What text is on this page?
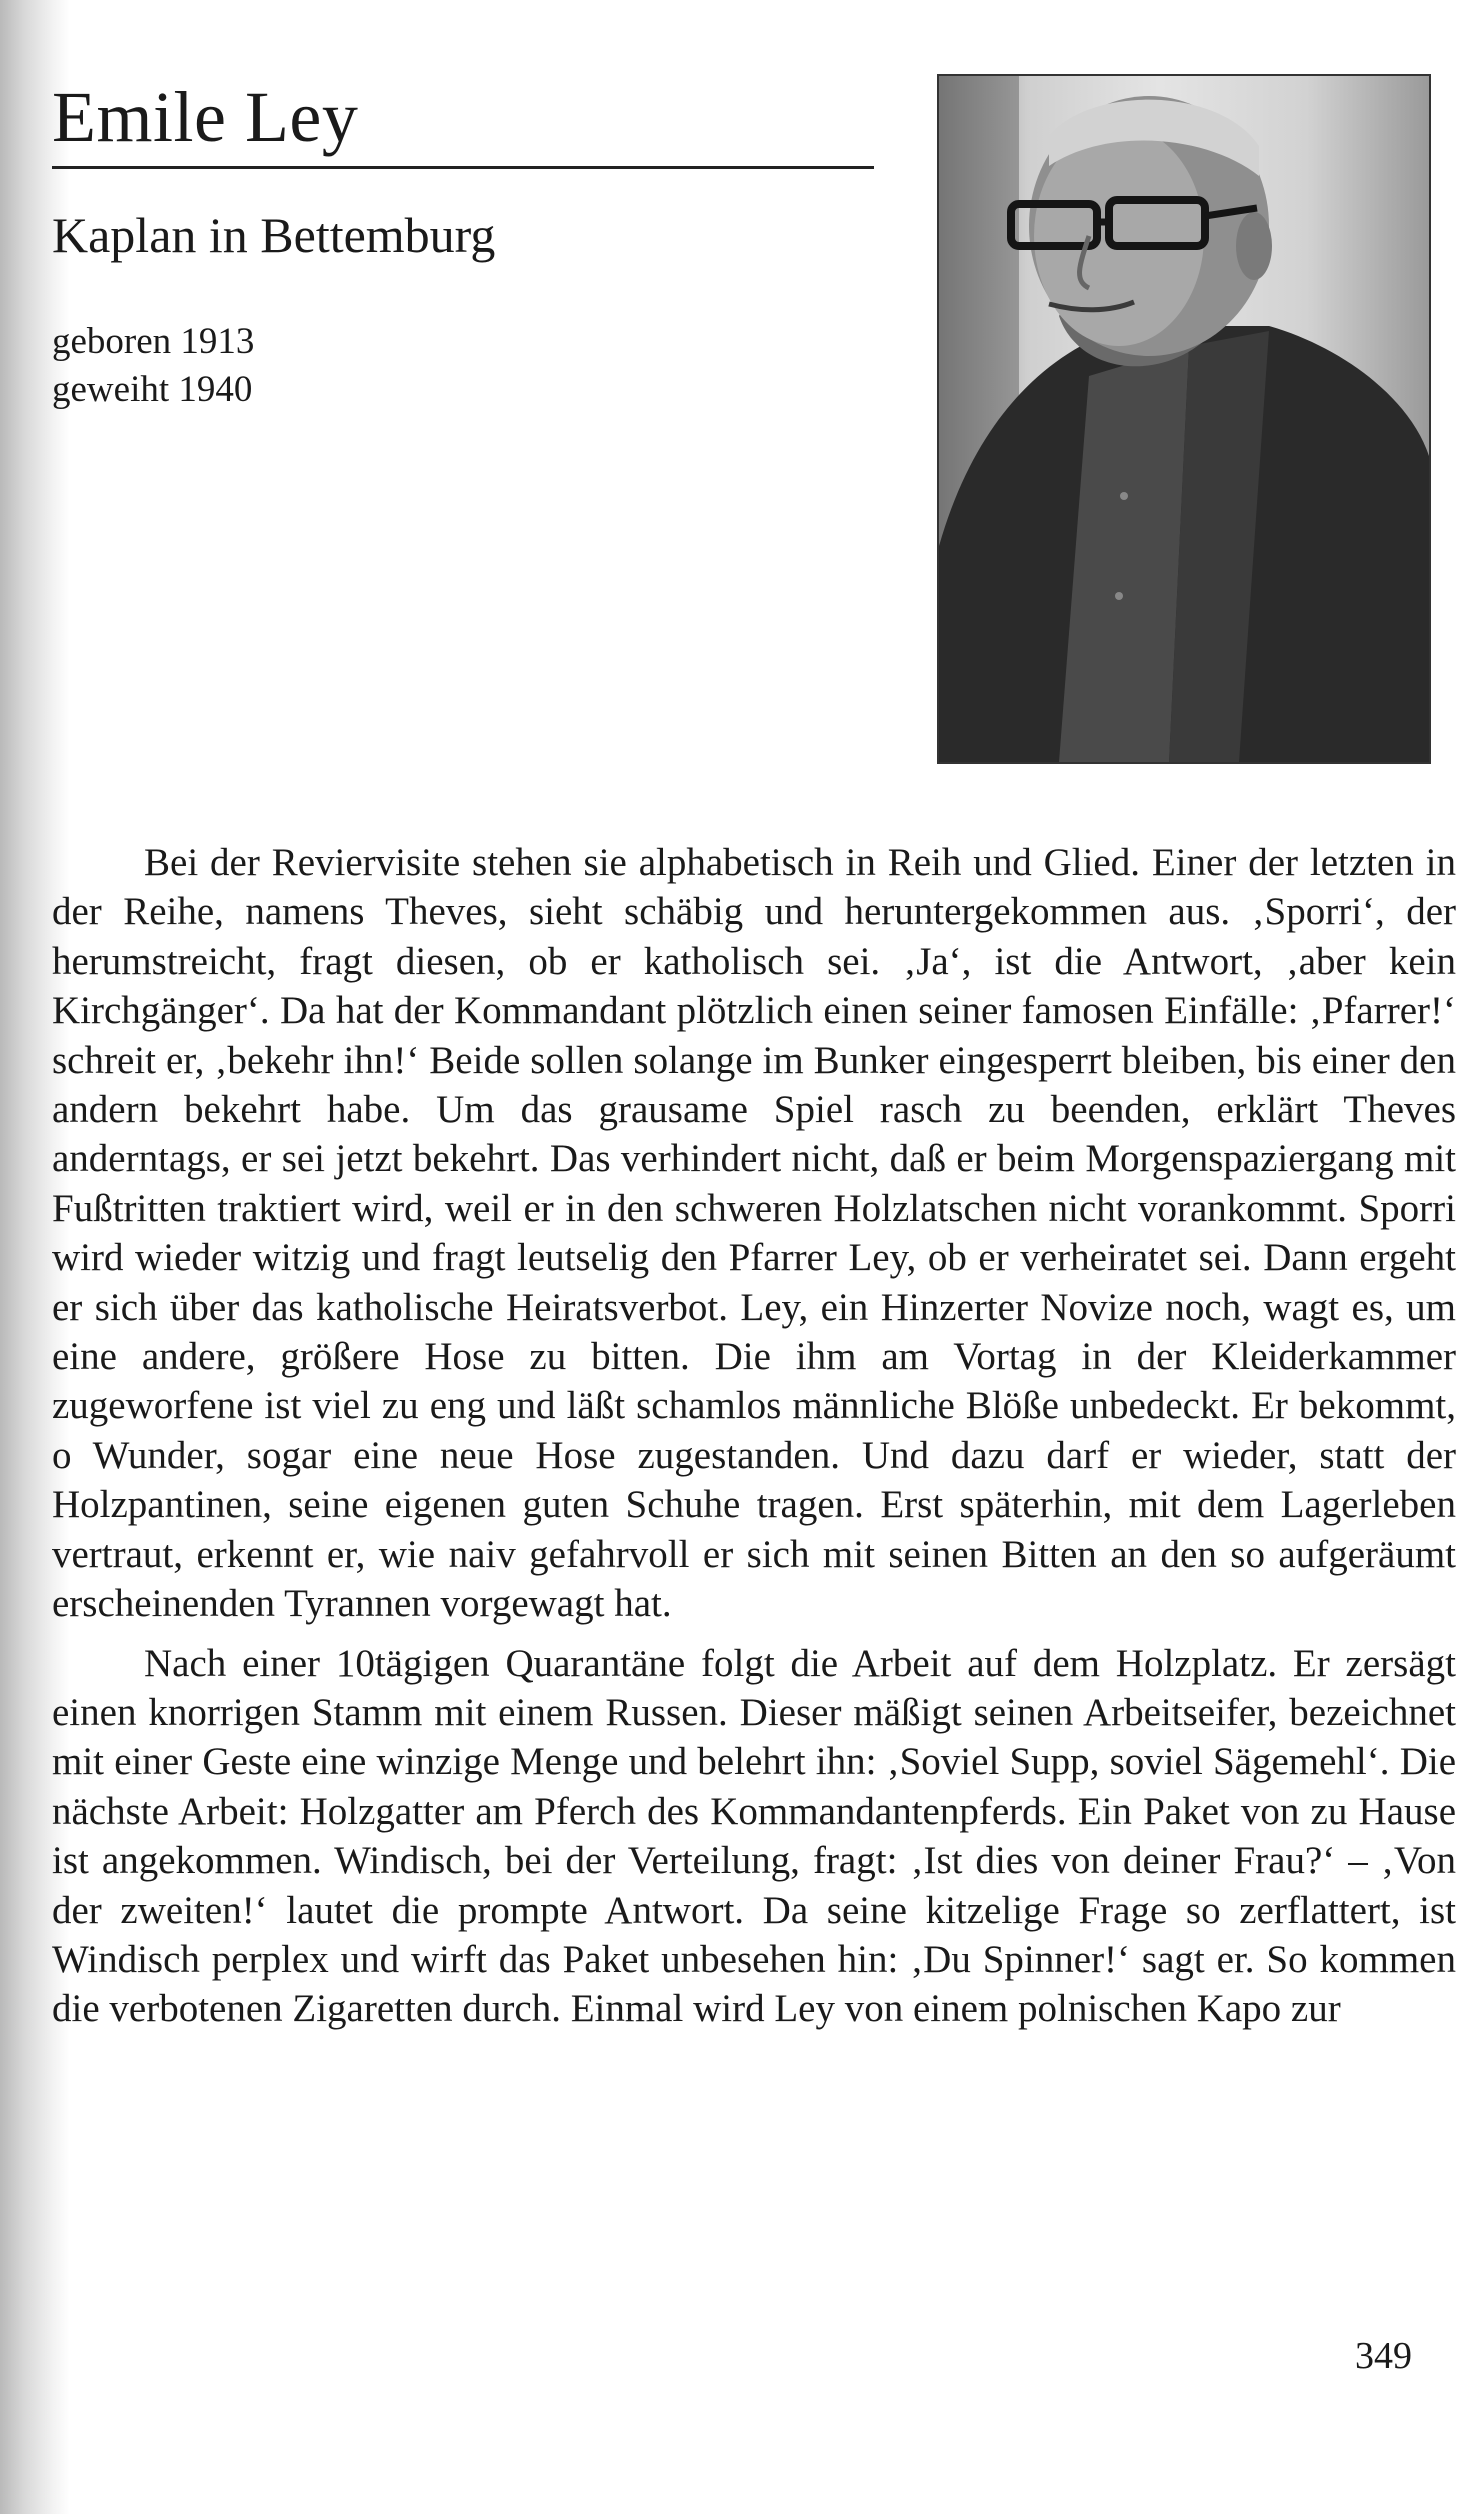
Emile Ley
Kaplan in Bettemburg
geboren 1913
geweiht 1940

Bei der Reviervisite stehen sie alphabetisch in Reih und Glied. Einer der letzten in der Reihe, namens Theves, sieht schäbig und heruntergekommen aus. ‚Sporri‘, der herumstreicht, fragt diesen, ob er katholisch sei. ‚Ja‘, ist die Antwort, ‚aber kein Kirchgänger‘. Da hat der Kommandant plötzlich einen seiner famosen Einfälle: ‚Pfarrer!‘ schreit er, ‚bekehr ihn!‘ Beide sollen solange im Bunker eingesperrt bleiben, bis einer den andern bekehrt habe. Um das grausame Spiel rasch zu beenden, erklärt Theves anderntags, er sei jetzt bekehrt. Das verhindert nicht, daß er beim Morgenspaziergang mit Fußtritten traktiert wird, weil er in den schweren Holzlatschen nicht vorankommt. Sporri wird wieder witzig und fragt leutselig den Pfarrer Ley, ob er verheiratet sei. Dann ergeht er sich über das katholische Heiratsverbot. Ley, ein Hinzerter Novize noch, wagt es, um eine andere, größere Hose zu bitten. Die ihm am Vortag in der Kleiderkammer zugeworfene ist viel zu eng und läßt schamlos männliche Blöße unbedeckt. Er bekommt, o Wunder, sogar eine neue Hose zugestanden. Und dazu darf er wieder, statt der Holzpantinen, seine eigenen guten Schuhe tragen. Erst späterhin, mit dem Lagerleben vertraut, erkennt er, wie naiv gefahrvoll er sich mit seinen Bitten an den so aufgeräumt erscheinenden Tyrannen vorgewagt hat.

Nach einer 10tägigen Quarantäne folgt die Arbeit auf dem Holzplatz. Er zersägt einen knorrigen Stamm mit einem Russen. Dieser mäßigt seinen Arbeitseifer, bezeichnet mit einer Geste eine winzige Menge und belehrt ihn: ‚Soviel Supp, soviel Sägemehl‘. Die nächste Arbeit: Holzgatter am Pferch des Kommandantenpferds. Ein Paket von zu Hause ist angekommen. Windisch, bei der Verteilung, fragt: ‚Ist dies von deiner Frau?‘ – ‚Von der zweiten!‘ lautet die prompte Antwort. Da seine kitzelige Frage so zerflattert, ist Windisch perplex und wirft das Paket unbesehen hin: ‚Du Spinner!‘ sagt er. So kommen die verbotenen Zigaretten durch. Einmal wird Ley von einem polnischen Kapo zur

349
